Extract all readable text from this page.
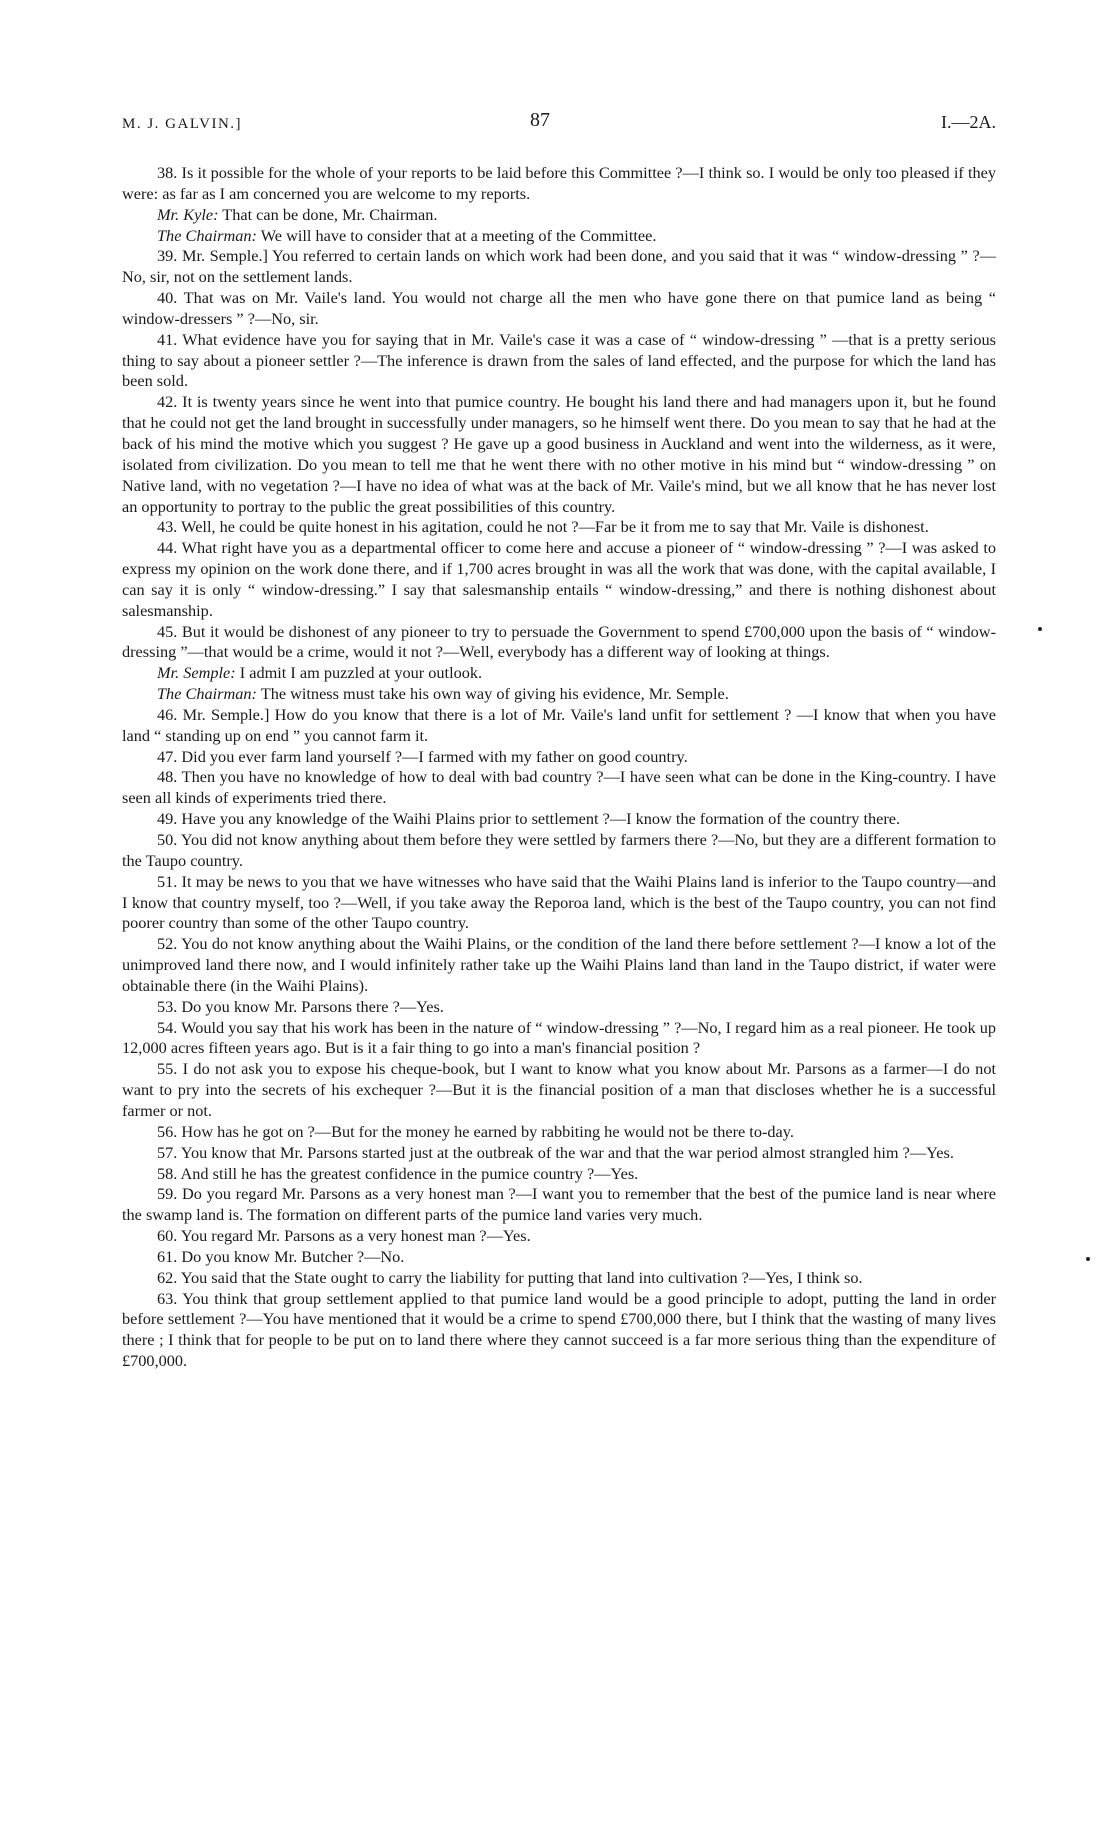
M. J. GALVIN.]	87	I.—2A.

38. Is it possible for the whole of your reports to be laid before this Committee ?—I think so. I would be only too pleased if they were: as far as I am concerned you are welcome to my reports.

Mr. Kyle: That can be done, Mr. Chairman.

The Chairman: We will have to consider that at a meeting of the Committee.

39. Mr. Semple.] You referred to certain lands on which work had been done, and you said that it was “ window-dressing ” ?—No, sir, not on the settlement lands.

40. That was on Mr. Vaile's land. You would not charge all the men who have gone there on that pumice land as being “ window-dressers ” ?—No, sir.

41. What evidence have you for saying that in Mr. Vaile's case it was a case of “ window-dressing ” —that is a pretty serious thing to say about a pioneer settler ?—The inference is drawn from the sales of land effected, and the purpose for which the land has been sold.

42. It is twenty years since he went into that pumice country. He bought his land there and had managers upon it, but he found that he could not get the land brought in successfully under managers, so he himself went there. Do you mean to say that he had at the back of his mind the motive which you suggest ? He gave up a good business in Auckland and went into the wilderness, as it were, isolated from civilization. Do you mean to tell me that he went there with no other motive in his mind but “ window-dressing ” on Native land, with no vegetation ?—I have no idea of what was at the back of Mr. Vaile's mind, but we all know that he has never lost an opportunity to portray to the public the great possibilities of this country.

43. Well, he could be quite honest in his agitation, could he not ?—Far be it from me to say that Mr. Vaile is dishonest.

44. What right have you as a departmental officer to come here and accuse a pioneer of “ window-dressing ” ?—I was asked to express my opinion on the work done there, and if 1,700 acres brought in was all the work that was done, with the capital available, I can say it is only “ window-dressing.” I say that salesmanship entails “ window-dressing,” and there is nothing dishonest about salesmanship.

45. But it would be dishonest of any pioneer to try to persuade the Government to spend £700,000 upon the basis of “ window-dressing ”—that would be a crime, would it not ?—Well, everybody has a different way of looking at things.

Mr. Semple: I admit I am puzzled at your outlook.

The Chairman: The witness must take his own way of giving his evidence, Mr. Semple.

46. Mr. Semple.] How do you know that there is a lot of Mr. Vaile's land unfit for settlement ? —I know that when you have land “ standing up on end ” you cannot farm it.

47. Did you ever farm land yourself ?—I farmed with my father on good country.

48. Then you have no knowledge of how to deal with bad country ?—I have seen what can be done in the King-country. I have seen all kinds of experiments tried there.

49. Have you any knowledge of the Waihi Plains prior to settlement ?—I know the formation of the country there.

50. You did not know anything about them before they were settled by farmers there ?—No, but they are a different formation to the Taupo country.

51. It may be news to you that we have witnesses who have said that the Waihi Plains land is inferior to the Taupo country—and I know that country myself, too ?—Well, if you take away the Reporoa land, which is the best of the Taupo country, you can not find poorer country than some of the other Taupo country.

52. You do not know anything about the Waihi Plains, or the condition of the land there before settlement ?—I know a lot of the unimproved land there now, and I would infinitely rather take up the Waihi Plains land than land in the Taupo district, if water were obtainable there (in the Waihi Plains).

53. Do you know Mr. Parsons there ?—Yes.

54. Would you say that his work has been in the nature of “ window-dressing ” ?—No, I regard him as a real pioneer. He took up 12,000 acres fifteen years ago. But is it a fair thing to go into a man's financial position ?

55. I do not ask you to expose his cheque-book, but I want to know what you know about Mr. Parsons as a farmer—I do not want to pry into the secrets of his exchequer ?—But it is the financial position of a man that discloses whether he is a successful farmer or not.

56. How has he got on ?—But for the money he earned by rabbiting he would not be there to-day.

57. You know that Mr. Parsons started just at the outbreak of the war and that the war period almost strangled him ?—Yes.

58. And still he has the greatest confidence in the pumice country ?—Yes.

59. Do you regard Mr. Parsons as a very honest man ?—I want you to remember that the best of the pumice land is near where the swamp land is. The formation on different parts of the pumice land varies very much.

60. You regard Mr. Parsons as a very honest man ?—Yes.

61. Do you know Mr. Butcher ?—No.

62. You said that the State ought to carry the liability for putting that land into cultivation ?—Yes, I think so.

63. You think that group settlement applied to that pumice land would be a good principle to adopt, putting the land in order before settlement ?—You have mentioned that it would be a crime to spend £700,000 there, but I think that the wasting of many lives there ; I think that for people to be put on to land there where they cannot succeed is a far more serious thing than the expenditure of £700,000.
